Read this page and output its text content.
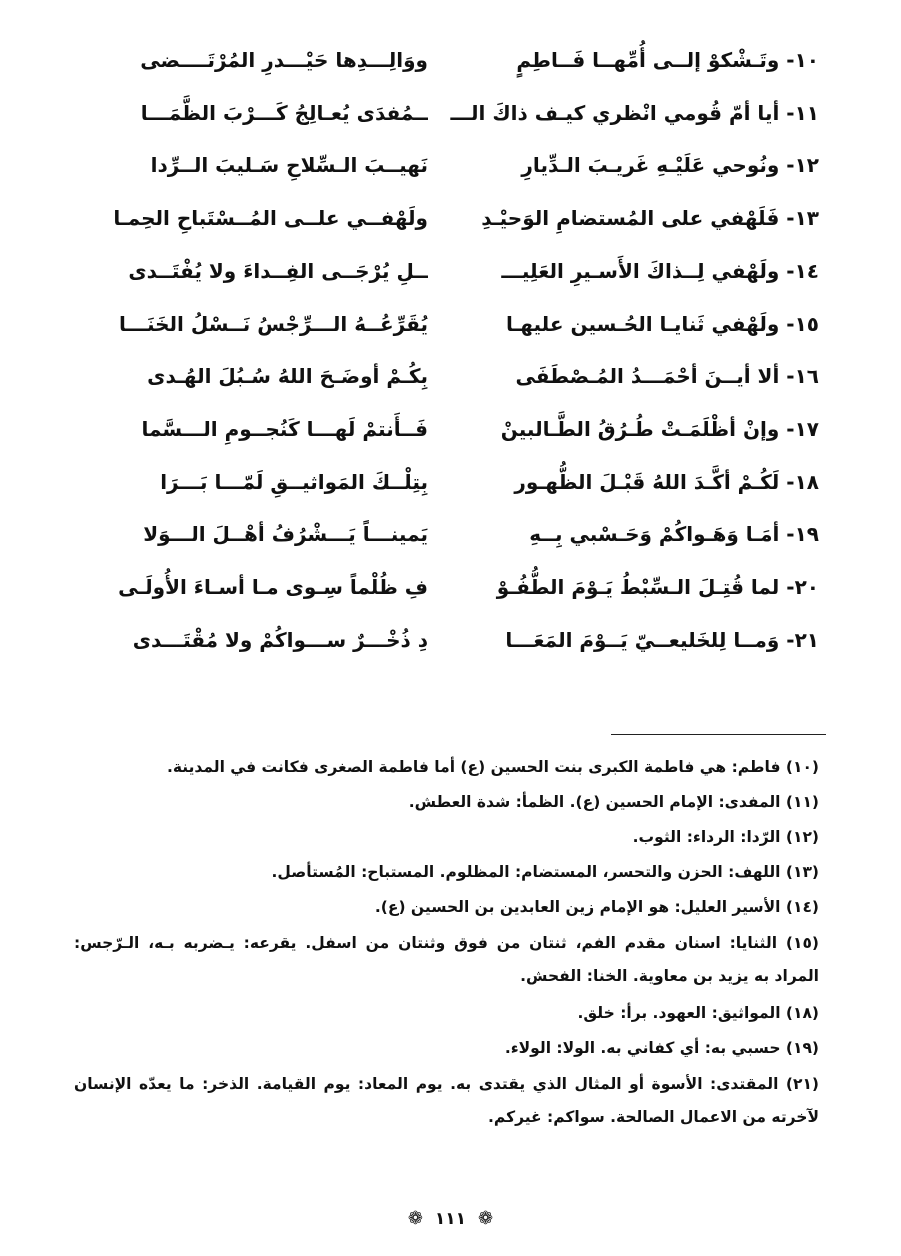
١٠- وتَـشْكوْ إلــى أُمِّهــا فَــاطِمٍ
ووَالِـــدِها حَيْـــدرِ المُرْتَــــضى
١١- أيا أمّ قُومي انْظري كيـف ذاكَ الـــ
ــمُفدَى يُعـالِجُ كَـــرْبَ الظَّمَـــا
١٢- ونُوحي عَلَيْـهِ غَريـبَ الـدِّيارِ
نَهيــبَ الـسِّلاحِ سَـليبَ الــرِّدا
١٣- فَلَهْفي على المُستضامِ الوَحيْـدِ
ولَهْفــي علــى المُــسْتَباحِ الحِمـا
١٤- ولَهْفي لِــذاكَ الأَسـيرِ العَلِيـــ
ــلِ يُرْجَــى الفِــداءَ ولا يُفْتَــدى
١٥- ولَهْفي ثَنايـا الحُـسين عليهـا
يُقَرِّعُــهُ الـــرِّجْسُ نَــسْلُ الخَنَـــا
١٦- ألا أيــنَ أحْمَـــدُ المُـصْطَفَى
بِكُـمْ أوضَـحَ اللهُ سُـبُلَ الهُـدى
١٧- وإنْ أظْلَمَـتْ طُـرُقُ الطَّـالبينْ
فَــأَنتمْ لَهـــا كَنُجــومِ الـــسَّما
١٨- لَكُـمْ أكَّـدَ اللهُ قَبْـلَ الظُّهـور
بِتِلْــكَ المَواثيــقِ لَمّـــا بَـــرَا
١٩- أمَـا وَهَـواكُمْ وَحَـسْبي بِــهِ
يَمينـــاً يَـــشْرُفُ أهْــلَ الـــوَلا
٢٠- لما قُتِـلَ الـسِّبْطُ يَـوْمَ الطُّفُـوْ
فِ ظُلْماً سِـوى مـا أسـاءَ الأُولَـى
٢١- وَمــا لِلخَليعــيّ يَــوْمَ المَعَـــا
دِ ذُخْـــرٌ ســـواكُمْ ولا مُقْتَـــدى
(١٠) فاطم: هي فاطمة الكبرى بنت الحسين (ع) أما فاطمة الصغرى فكانت في المدينة.
(١١) المفدى: الإمام الحسين (ع). الظمأ: شدة العطش.
(١٢) الرّدا: الرداء: الثوب.
(١٣) اللهف: الحزن والتحسر، المستضام: المظلوم. المستباح: المُستأصل.
(١٤) الأسير العليل: هو الإمام زين العابدين بن الحسين (ع).
(١٥) الثنايا: اسنان مقدم الفم، ثنتان من فوق وثنتان من اسفل. يقرعه: يـضربه بـه، الـرّجس: المراد به يزيد بن معاوية. الخنا: الفحش.
(١٨) المواثيق: العهود. برأ: خلق.
(١٩) حسبي به: أي كفاني به. الولا: الولاء.
(٢١) المقتدى: الأسوة أو المثال الذي يقتدى به. يوم المعاد: يوم القيامة. الذخر: ما يعدّه الإنسان لآخرته من الاعمال الصالحة. سواكم: غيركم.
❁ ١١١ ❁
